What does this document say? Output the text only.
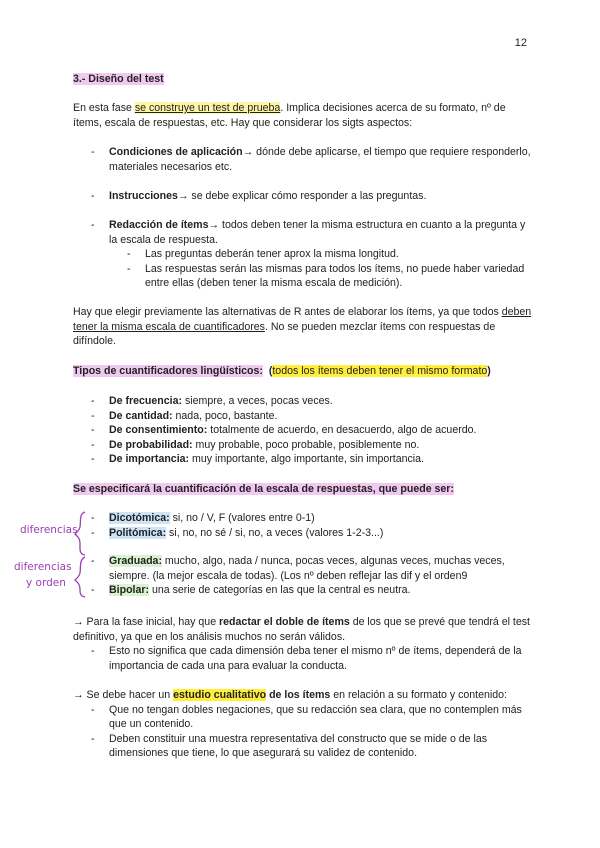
12
3.- Diseño del test
En esta fase se construye un test de prueba. Implica decisiones acerca de su formato, nº de ítems, escala de respuestas, etc. Hay que considerar los sigts aspectos:
- Condiciones de aplicación→ dónde debe aplicarse, el tiempo que requiere responderlo, materiales necesarios etc.
- Instrucciones→ se debe explicar cómo responder a las preguntas.
- Redacción de ítems→ todos deben tener la misma estructura en cuanto a la pregunta y la escala de respuesta.
- Las preguntas deberán tener aprox la misma longitud.
- Las respuestas serán las mismas para todos los ítems, no puede haber variedad entre ellas (deben tener la misma escala de medición).
Hay que elegir previamente las alternativas de R antes de elaborar los ítems, ya que todos deben tener la misma escala de cuantificadores. No se pueden mezclar ítems con respuestas de difíndole.
Tipos de cuantificadores lingüísticos: (todos los ítems deben tener el mismo formato)
- De frecuencia: siempre, a veces, pocas veces.
- De cantidad: nada, poco, bastante.
- De consentimiento: totalmente de acuerdo, en desacuerdo, algo de acuerdo.
- De probabilidad: muy probable, poco probable, posiblemente no.
- De importancia: muy importante, algo importante, sin importancia.
Se especificará la cuantificación de la escala de respuestas, que puede ser:
- Dicotómica: si, no / V, F (valores entre 0-1)
- Politómica: si, no, no sé / si, no, a veces (valores 1-2-3...)
- Graduada: mucho, algo, nada / nunca, pocas veces, algunas veces, muchas veces, siempre. (la mejor escala de todas). (Los nº deben reflejar las dif y el orden9
- Bipolar: una serie de categorías en las que la central es neutra.
diferencias
diferencias
y orden
→ Para la fase inicial, hay que redactar el doble de ítems de los que se prevé que tendrá el test definitivo, ya que en los análisis muchos no serán válidos.
- Esto no significa que cada dimensión deba tener el mismo nº de ítems, dependerá de la importancia de cada una para evaluar la conducta.
→ Se debe hacer un estudio cualitativo de los ítems en relación a su formato y contenido:
- Que no tengan dobles negaciones, que su redacción sea clara, que no contemplen más que un contenido.
- Deben constituir una muestra representativa del constructo que se mide o de las dimensiones que tiene, lo que asegurará su validez de contenido.
